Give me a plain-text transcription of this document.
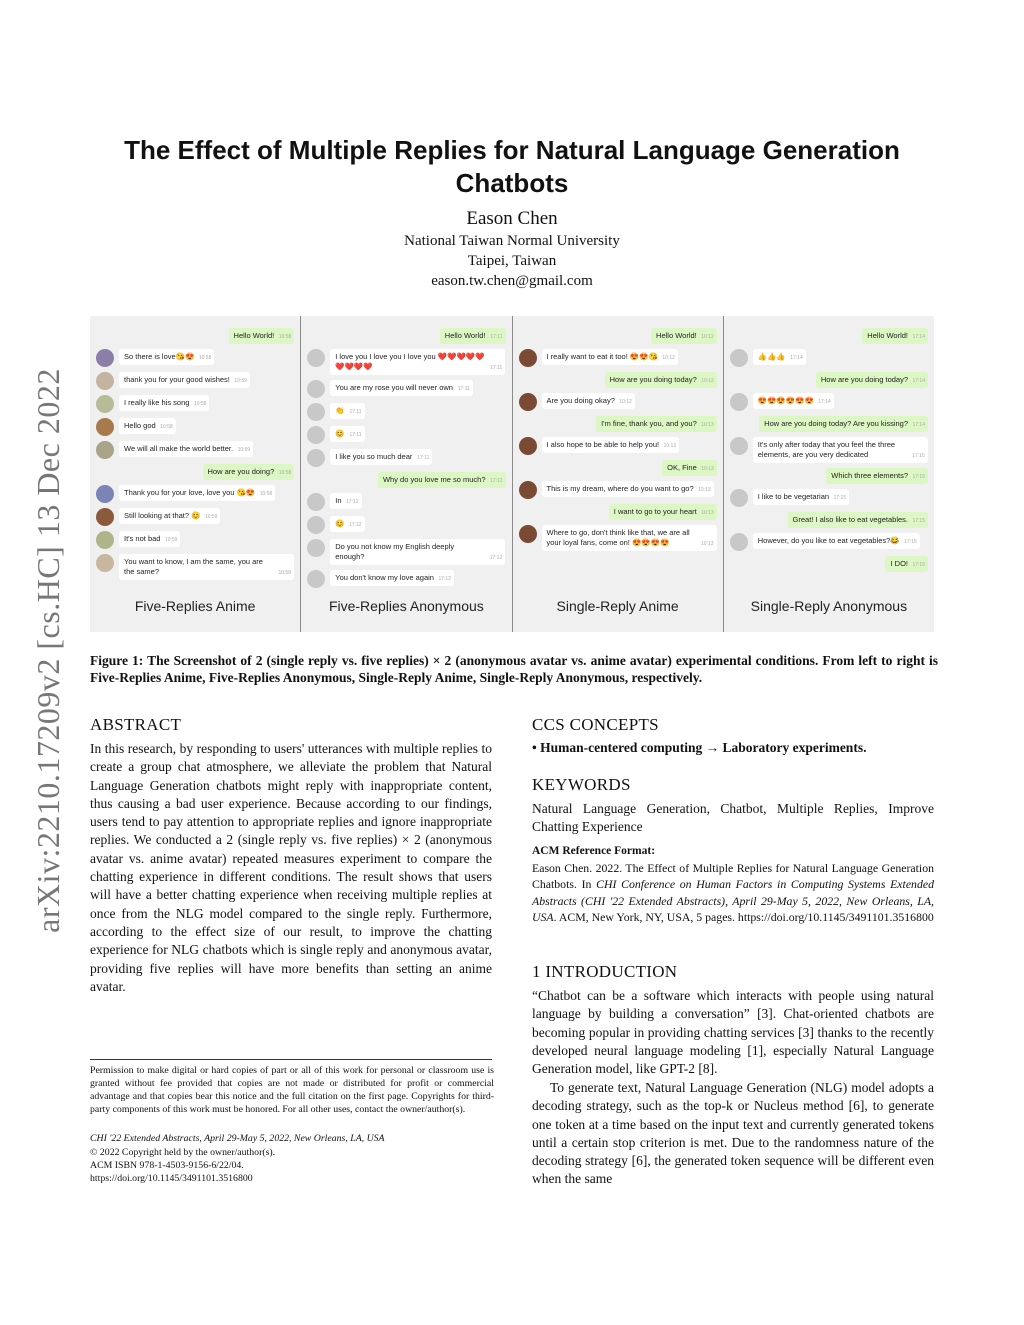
arXiv:2210.17209v2 [cs.HC] 13 Dec 2022
The Effect of Multiple Replies for Natural Language Generation Chatbots
Eason Chen
National Taiwan Normal University
Taipei, Taiwan
eason.tw.chen@gmail.com
Hello World! 10:58
So there is love😘😍 10:58
thank you for your good wishes! 10:59
I really like his song 10:58
Hello god 10:58
We will all make the world better. 10:59
How are you doing? 10:58
Thank you for your love, love you 😘😍 10:58
Still looking at that? 😊 10:59
It's not bad 10:59
You want to know, I am the same, you are the same?	10:58
Five-Replies Anime
Hello World! 17:11
I love you I love you I love you ❤️❤️❤️❤️❤️❤️❤️❤️❤️	17:11
You are my rose you will never own 17:11
👏 17:11
😊 17:11
I like you so much dear 17:11
Why do you love me so much? 17:12
In 17:12
😊 17:12
Do you not know my English deeply enough?	17:12
You don't know my love again 17:12
Five-Replies Anonymous
Hello World! 10:12
I really want to eat it too! 😍😍😘 10:12
How are you doing today? 10:12
Are you doing okay? 10:12
I'm fine, thank you, and you? 10:13
I also hope to be able to help you! 10:13
OK, Fine 10:13
This is my dream, where do you want to go? 10:13
I want to go to your heart 10:13
Where to go, don't think like that, we are all your loyal fans, come on! 😍😍😍😍	10:13
Single-Reply Anime
Hello World! 17:14
👍👍👍 17:14
How are you doing today? 17:14
😍😍😍😍😍😍 17:14
How are you doing today? Are you kissing? 17:14
It's only after today that you feel the three elements, are you very dedicated	17:15
Which three elements? 17:15
I like to be vegetarian 17:15
Great! I also like to eat vegetables. 17:15
However, do you like to eat vegetables?😂 17:15
I DO! 17:15
Single-Reply Anonymous
Figure 1: The Screenshot of 2 (single reply vs. five replies) × 2 (anonymous avatar vs. anime avatar) experimental conditions. From left to right is Five-Replies Anime, Five-Replies Anonymous, Single-Reply Anime, Single-Reply Anonymous, respectively.
ABSTRACT
In this research, by responding to users' utterances with multiple replies to create a group chat atmosphere, we alleviate the problem that Natural Language Generation chatbots might reply with inappropriate content, thus causing a bad user experience. Because according to our findings, users tend to pay attention to appropriate replies and ignore inappropriate replies. We conducted a 2 (single reply vs. five replies) × 2 (anonymous avatar vs. anime avatar) repeated measures experiment to compare the chatting experience in different conditions. The result shows that users will have a better chatting experience when receiving multiple replies at once from the NLG model compared to the single reply. Furthermore, according to the effect size of our result, to improve the chatting experience for NLG chatbots which is single reply and anonymous avatar, providing five replies will have more benefits than setting an anime avatar.
CCS CONCEPTS
• Human-centered computing → Laboratory experiments.
KEYWORDS
Natural Language Generation, Chatbot, Multiple Replies, Improve Chatting Experience
ACM Reference Format:
Eason Chen. 2022. The Effect of Multiple Replies for Natural Language Generation Chatbots. In CHI Conference on Human Factors in Computing Systems Extended Abstracts (CHI '22 Extended Abstracts), April 29-May 5, 2022, New Orleans, LA, USA. ACM, New York, NY, USA, 5 pages. https://doi.org/10.1145/3491101.3516800
1 INTRODUCTION
“Chatbot can be a software which interacts with people using natural language by building a conversation” [3]. Chat-oriented chatbots are becoming popular in providing chatting services [3] thanks to the recently developed neural language modeling [1], especially Natural Language Generation model, like GPT-2 [8].
To generate text, Natural Language Generation (NLG) model adopts a decoding strategy, such as the top-k or Nucleus method [6], to generate one token at a time based on the input text and currently generated tokens until a certain stop criterion is met. Due to the randomness nature of the decoding strategy [6], the generated token sequence will be different even when the same
Permission to make digital or hard copies of part or all of this work for personal or classroom use is granted without fee provided that copies are not made or distributed for profit or commercial advantage and that copies bear this notice and the full citation on the first page. Copyrights for third-party components of this work must be honored. For all other uses, contact the owner/author(s).
CHI '22 Extended Abstracts, April 29-May 5, 2022, New Orleans, LA, USA
© 2022 Copyright held by the owner/author(s).
ACM ISBN 978-1-4503-9156-6/22/04.
https://doi.org/10.1145/3491101.3516800
